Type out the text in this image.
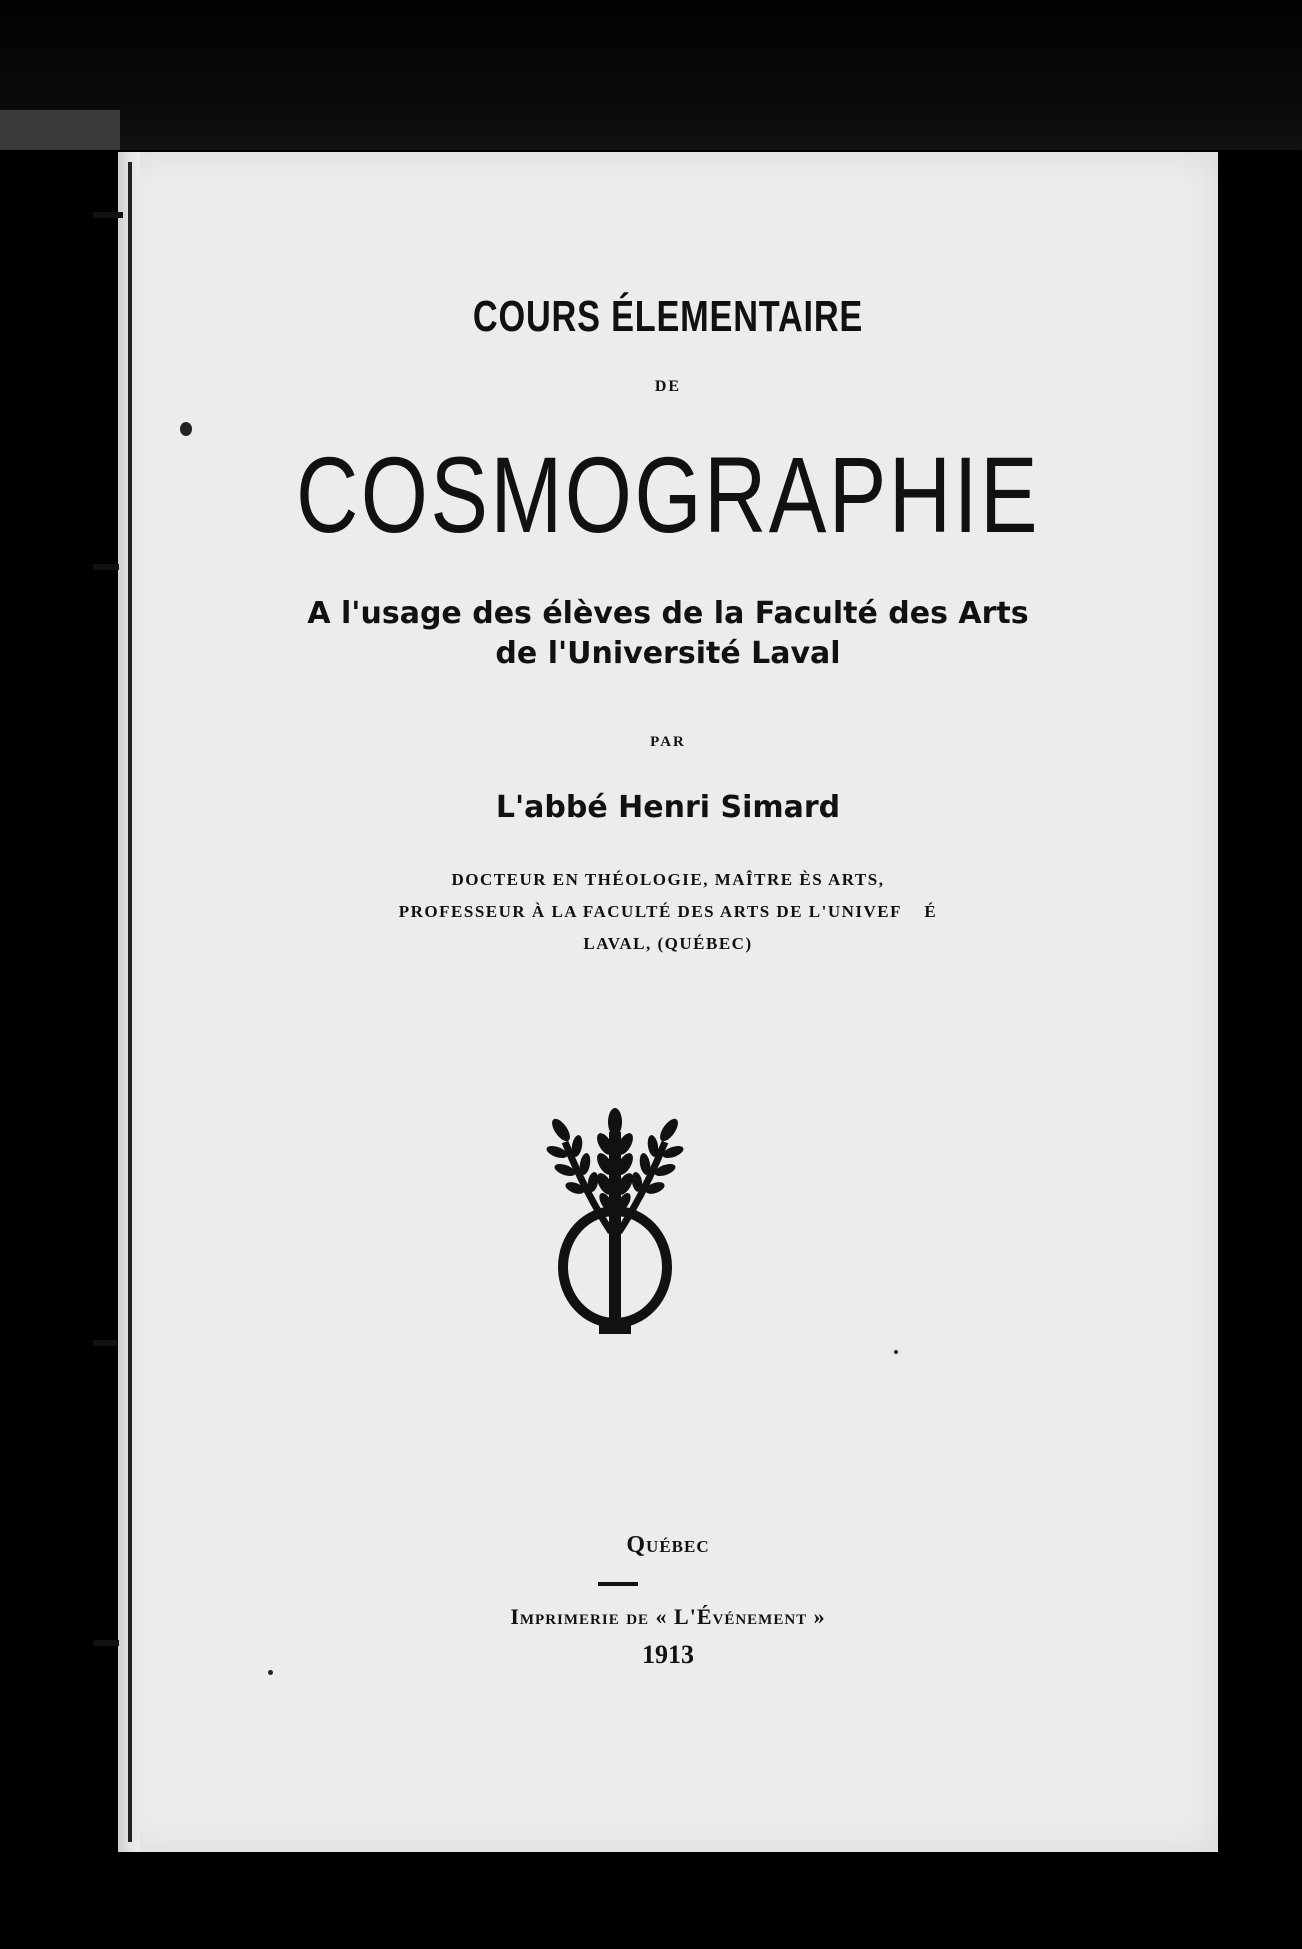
COURS ÉLEMENTAIRE
DE
COSMOGRAPHIE
A l'usage des élèves de la Faculté des Arts
de l'Université Laval
PAR
L'abbé Henri Simard
DOCTEUR EN THÉOLOGIE, MAÎTRE ÈS ARTS,
PROFESSEUR À LA FACULTÉ DES ARTS DE L'UNIVEF    É
LAVAL, (QUÉBEC)
Québec
Imprimerie de « L'Événement »
1913
